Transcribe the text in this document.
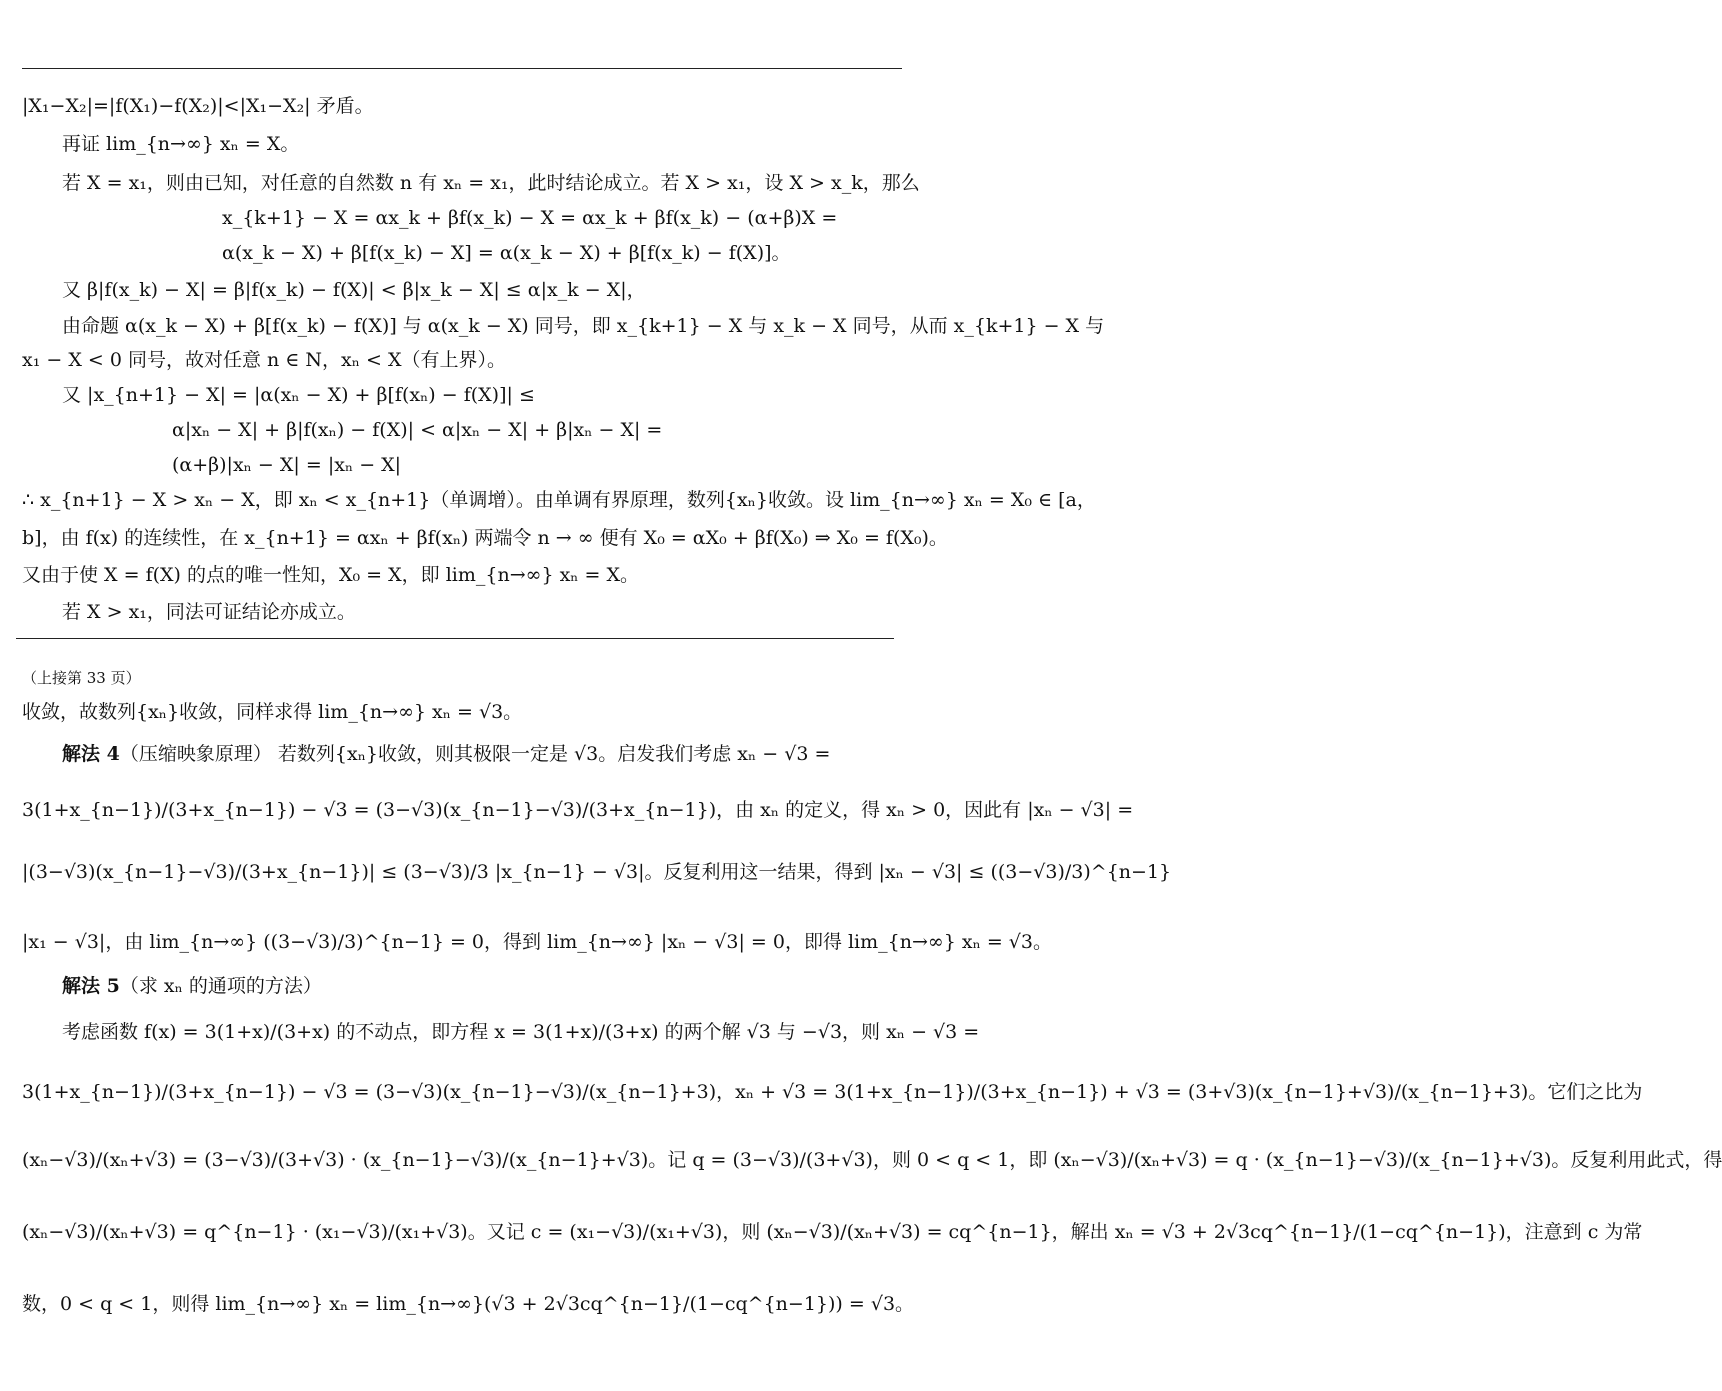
|X₁−X₂|=|f(X₁)−f(X₂)|<|X₁−X₂| 矛盾。
再证 lim_{n→∞} xₙ = X。
若 X = x₁，则由已知，对任意的自然数 n 有 xₙ = x₁，此时结论成立。若 X > x₁，设 X > x_k，那么
x_{k+1} − X = αx_k + βf(x_k) − X = αx_k + βf(x_k) − (α+β)X =
α(x_k − X) + β[f(x_k) − X] = α(x_k − X) + β[f(x_k) − f(X)]。
又 β|f(x_k) − X| = β|f(x_k) − f(X)| < β|x_k − X| ≤ α|x_k − X|，
由命题 α(x_k − X) + β[f(x_k) − f(X)] 与 α(x_k − X) 同号，即 x_{k+1} − X 与 x_k − X 同号，从而 x_{k+1} − X 与
x₁ − X < 0 同号，故对任意 n ∈ N，xₙ < X（有上界）。
又 |x_{n+1} − X| = |α(xₙ − X) + β[f(xₙ) − f(X)]| ≤
α|xₙ − X| + β|f(xₙ) − f(X)| < α|xₙ − X| + β|xₙ − X| =
(α+β)|xₙ − X| = |xₙ − X|
∴ x_{n+1} − X > xₙ − X，即 xₙ < x_{n+1}（单调增）。由单调有界原理，数列{xₙ}收敛。设 lim_{n→∞} xₙ = X₀ ∈ [a，
b]，由 f(x) 的连续性，在 x_{n+1} = αxₙ + βf(xₙ) 两端令 n → ∞ 便有 X₀ = αX₀ + βf(X₀) ⇒ X₀ = f(X₀)。
又由于使 X = f(X) 的点的唯一性知，X₀ = X，即 lim_{n→∞} xₙ = X。
若 X > x₁，同法可证结论亦成立。
（上接第 33 页）
收敛，故数列{xₙ}收敛，同样求得 lim_{n→∞} xₙ = √3。
解法 4（压缩映象原理） 若数列{xₙ}收敛，则其极限一定是 √3。启发我们考虑 xₙ − √3 =
3(1+x_{n−1})/(3+x_{n−1}) − √3 = (3−√3)(x_{n−1}−√3)/(3+x_{n−1})，由 xₙ 的定义，得 xₙ > 0，因此有 |xₙ − √3| =
|(3−√3)(x_{n−1}−√3)/(3+x_{n−1})| ≤ (3−√3)/3 |x_{n−1} − √3|。反复利用这一结果，得到 |xₙ − √3| ≤ ((3−√3)/3)^{n−1}
|x₁ − √3|，由 lim_{n→∞} ((3−√3)/3)^{n−1} = 0，得到 lim_{n→∞} |xₙ − √3| = 0，即得 lim_{n→∞} xₙ = √3。
解法 5（求 xₙ 的通项的方法）
考虑函数 f(x) = 3(1+x)/(3+x) 的不动点，即方程 x = 3(1+x)/(3+x) 的两个解 √3 与 −√3，则 xₙ − √3 =
3(1+x_{n−1})/(3+x_{n−1}) − √3 = (3−√3)(x_{n−1}−√3)/(x_{n−1}+3)，xₙ + √3 = 3(1+x_{n−1})/(3+x_{n−1}) + √3 = (3+√3)(x_{n−1}+√3)/(x_{n−1}+3)。它们之比为
(xₙ−√3)/(xₙ+√3) = (3−√3)/(3+√3) · (x_{n−1}−√3)/(x_{n−1}+√3)。记 q = (3−√3)/(3+√3)，则 0 < q < 1，即 (xₙ−√3)/(xₙ+√3) = q · (x_{n−1}−√3)/(x_{n−1}+√3)。反复利用此式，得
(xₙ−√3)/(xₙ+√3) = q^{n−1} · (x₁−√3)/(x₁+√3)。又记 c = (x₁−√3)/(x₁+√3)，则 (xₙ−√3)/(xₙ+√3) = cq^{n−1}，解出 xₙ = √3 + 2√3cq^{n−1}/(1−cq^{n−1})，注意到 c 为常
数，0 < q < 1，则得 lim_{n→∞} xₙ = lim_{n→∞}(√3 + 2√3cq^{n−1}/(1−cq^{n−1})) = √3。
